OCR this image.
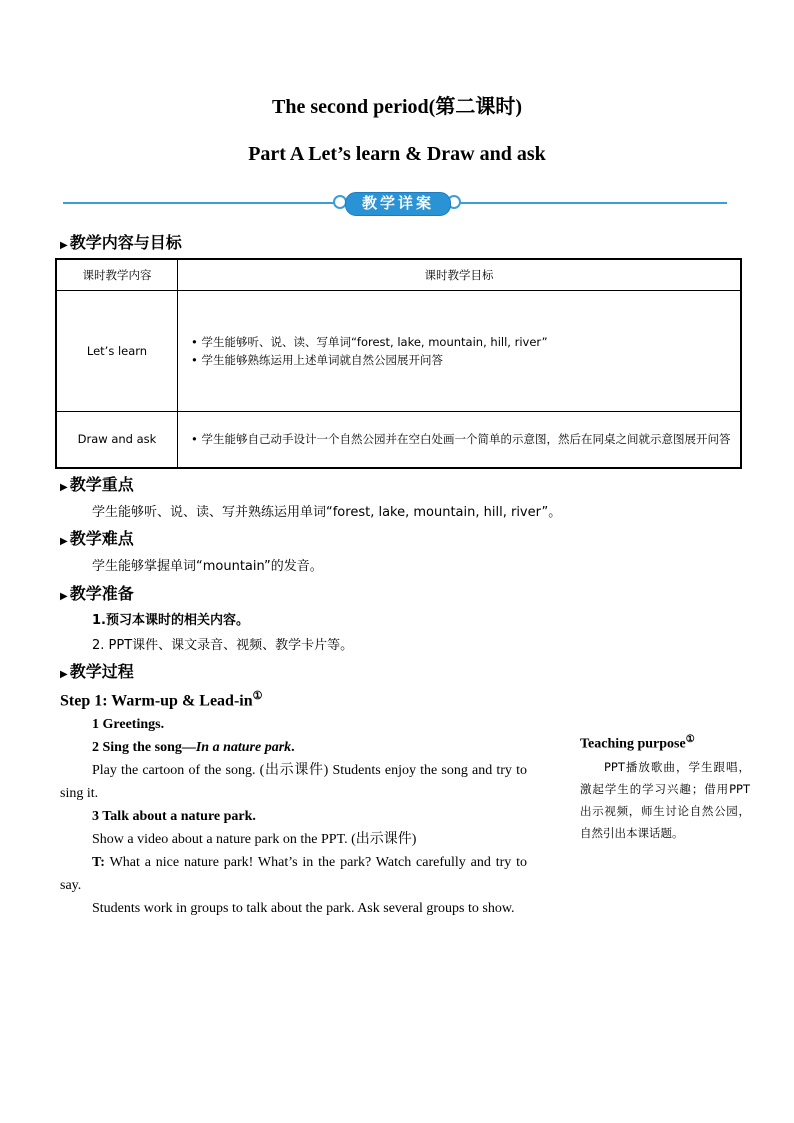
The second period(第二课时)
Part A Let’s learn & Draw and ask
教学详案
▶ 教学内容与目标
课时教学内容	课时教学目标
Let’s learn	• 学生能够听、说、读、写单词“forest, lake, mountain, hill, river”
• 学生能够熟练运用上述单词就自然公园展开问答

Draw and ask	• 学生能够自己动手设计一个自然公园并在空白处画一个简单的示意图，然后在同桌之间就示意图展开问答
▶ 教学重点
学生能够听、说、读、写并熟练运用单词“forest, lake, mountain, hill, river”。
▶ 教学难点
学生能够掌握单词“mountain”的发音。
▶ 教学准备
1.预习本课时的相关内容。
2. PPT课件、课文录音、视频、教学卡片等。
▶ 教学过程
Step 1: Warm-up & Lead-in①
1 Greetings.
2 Sing the song—In a nature park.
Play the cartoon of the song. (出示课件) Students enjoy the song and try to sing it.
3 Talk about a nature park.
Show a video about a nature park on the PPT. (出示课件)
T: What a nice nature park! What’s in the park? Watch carefully and try to say.
Students work in groups to talk about the park. Ask several groups to show.
Teaching purpose①
PPT播放歌曲，学生跟唱，激起学生的学习兴趣；借用PPT出示视频，师生讨论自然公园，自然引出本课话题。
